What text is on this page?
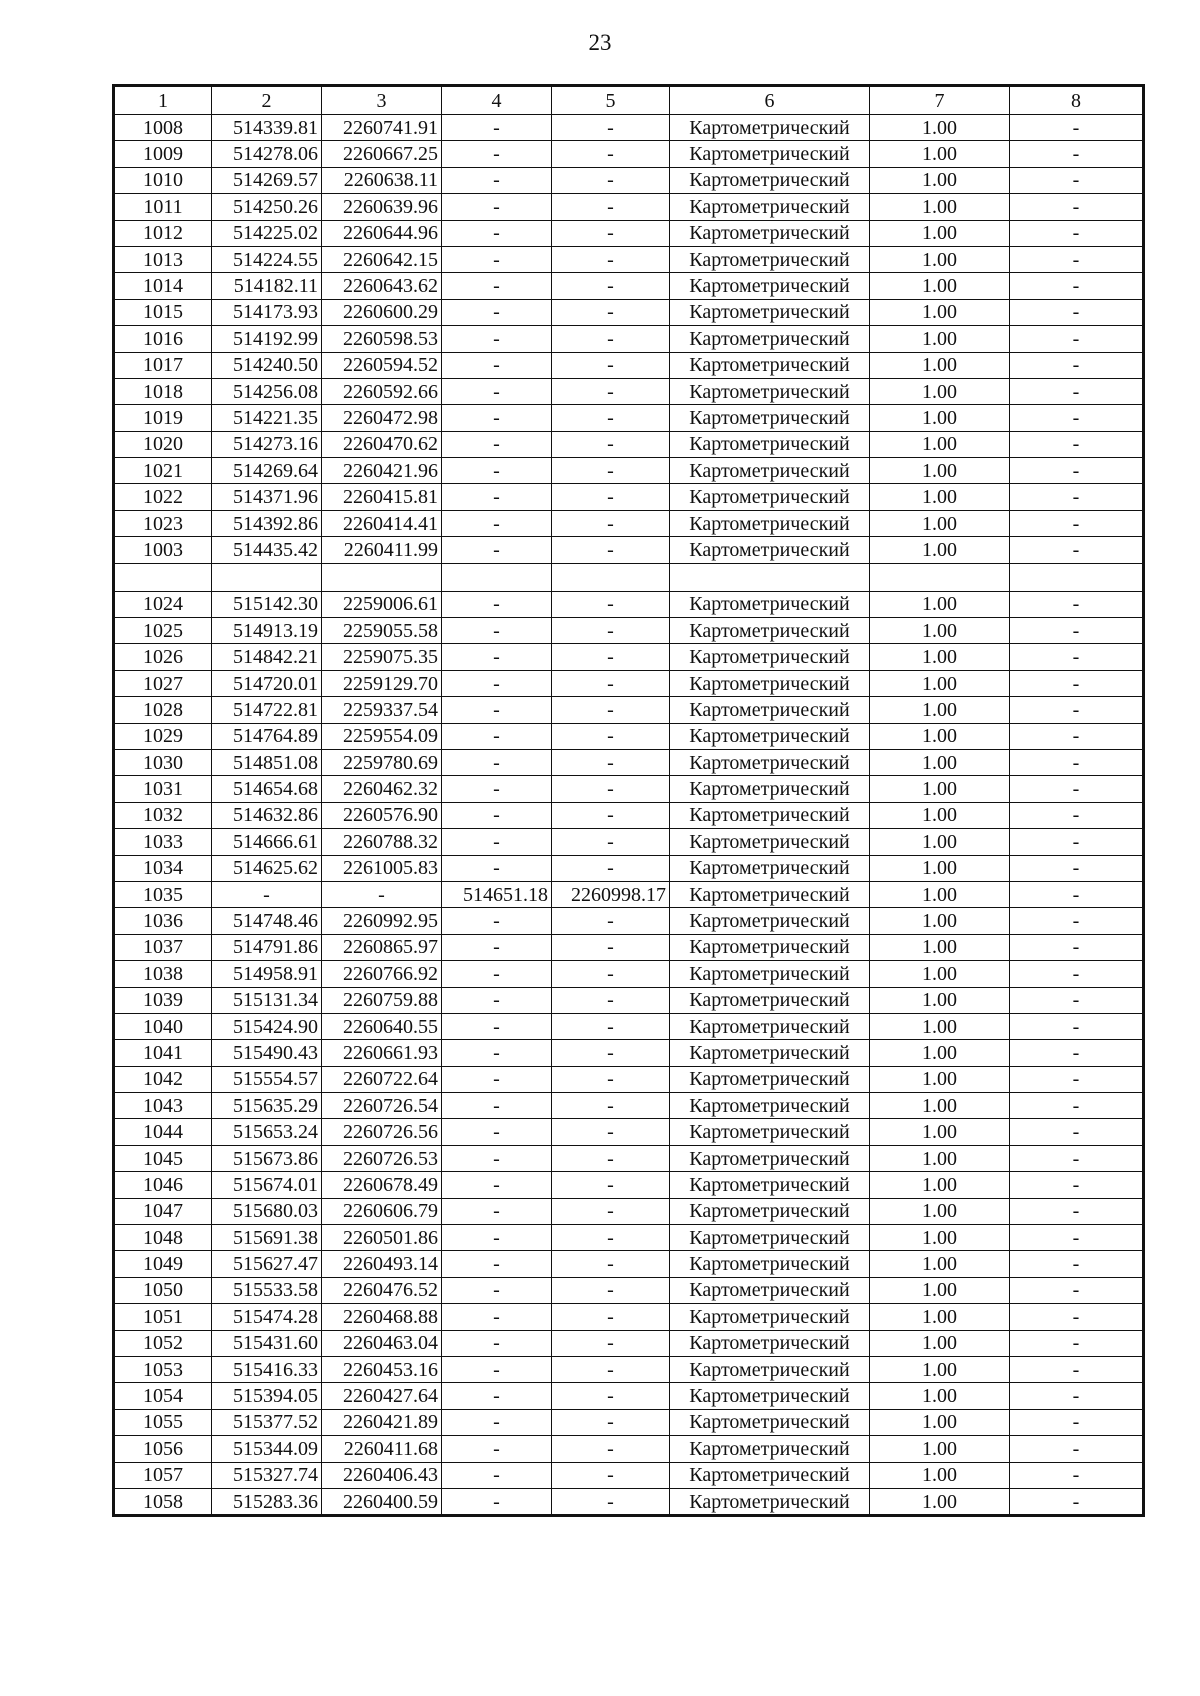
23
1	2	3	4	5	6	7	8
1008	514339.81	2260741.91	-	-	Картометрический	1.00	-
1009	514278.06	2260667.25	-	-	Картометрический	1.00	-
1010	514269.57	2260638.11	-	-	Картометрический	1.00	-
1011	514250.26	2260639.96	-	-	Картометрический	1.00	-
1012	514225.02	2260644.96	-	-	Картометрический	1.00	-
1013	514224.55	2260642.15	-	-	Картометрический	1.00	-
1014	514182.11	2260643.62	-	-	Картометрический	1.00	-
1015	514173.93	2260600.29	-	-	Картометрический	1.00	-
1016	514192.99	2260598.53	-	-	Картометрический	1.00	-
1017	514240.50	2260594.52	-	-	Картометрический	1.00	-
1018	514256.08	2260592.66	-	-	Картометрический	1.00	-
1019	514221.35	2260472.98	-	-	Картометрический	1.00	-
1020	514273.16	2260470.62	-	-	Картометрический	1.00	-
1021	514269.64	2260421.96	-	-	Картометрический	1.00	-
1022	514371.96	2260415.81	-	-	Картометрический	1.00	-
1023	514392.86	2260414.41	-	-	Картометрический	1.00	-
1003	514435.42	2260411.99	-	-	Картометрический	1.00	-

1024	515142.30	2259006.61	-	-	Картометрический	1.00	-
1025	514913.19	2259055.58	-	-	Картометрический	1.00	-
1026	514842.21	2259075.35	-	-	Картометрический	1.00	-
1027	514720.01	2259129.70	-	-	Картометрический	1.00	-
1028	514722.81	2259337.54	-	-	Картометрический	1.00	-
1029	514764.89	2259554.09	-	-	Картометрический	1.00	-
1030	514851.08	2259780.69	-	-	Картометрический	1.00	-
1031	514654.68	2260462.32	-	-	Картометрический	1.00	-
1032	514632.86	2260576.90	-	-	Картометрический	1.00	-
1033	514666.61	2260788.32	-	-	Картометрический	1.00	-
1034	514625.62	2261005.83	-	-	Картометрический	1.00	-
1035	-	-	514651.18	2260998.17	Картометрический	1.00	-
1036	514748.46	2260992.95	-	-	Картометрический	1.00	-
1037	514791.86	2260865.97	-	-	Картометрический	1.00	-
1038	514958.91	2260766.92	-	-	Картометрический	1.00	-
1039	515131.34	2260759.88	-	-	Картометрический	1.00	-
1040	515424.90	2260640.55	-	-	Картометрический	1.00	-
1041	515490.43	2260661.93	-	-	Картометрический	1.00	-
1042	515554.57	2260722.64	-	-	Картометрический	1.00	-
1043	515635.29	2260726.54	-	-	Картометрический	1.00	-
1044	515653.24	2260726.56	-	-	Картометрический	1.00	-
1045	515673.86	2260726.53	-	-	Картометрический	1.00	-
1046	515674.01	2260678.49	-	-	Картометрический	1.00	-
1047	515680.03	2260606.79	-	-	Картометрический	1.00	-
1048	515691.38	2260501.86	-	-	Картометрический	1.00	-
1049	515627.47	2260493.14	-	-	Картометрический	1.00	-
1050	515533.58	2260476.52	-	-	Картометрический	1.00	-
1051	515474.28	2260468.88	-	-	Картометрический	1.00	-
1052	515431.60	2260463.04	-	-	Картометрический	1.00	-
1053	515416.33	2260453.16	-	-	Картометрический	1.00	-
1054	515394.05	2260427.64	-	-	Картометрический	1.00	-
1055	515377.52	2260421.89	-	-	Картометрический	1.00	-
1056	515344.09	2260411.68	-	-	Картометрический	1.00	-
1057	515327.74	2260406.43	-	-	Картометрический	1.00	-
1058	515283.36	2260400.59	-	-	Картометрический	1.00	-
